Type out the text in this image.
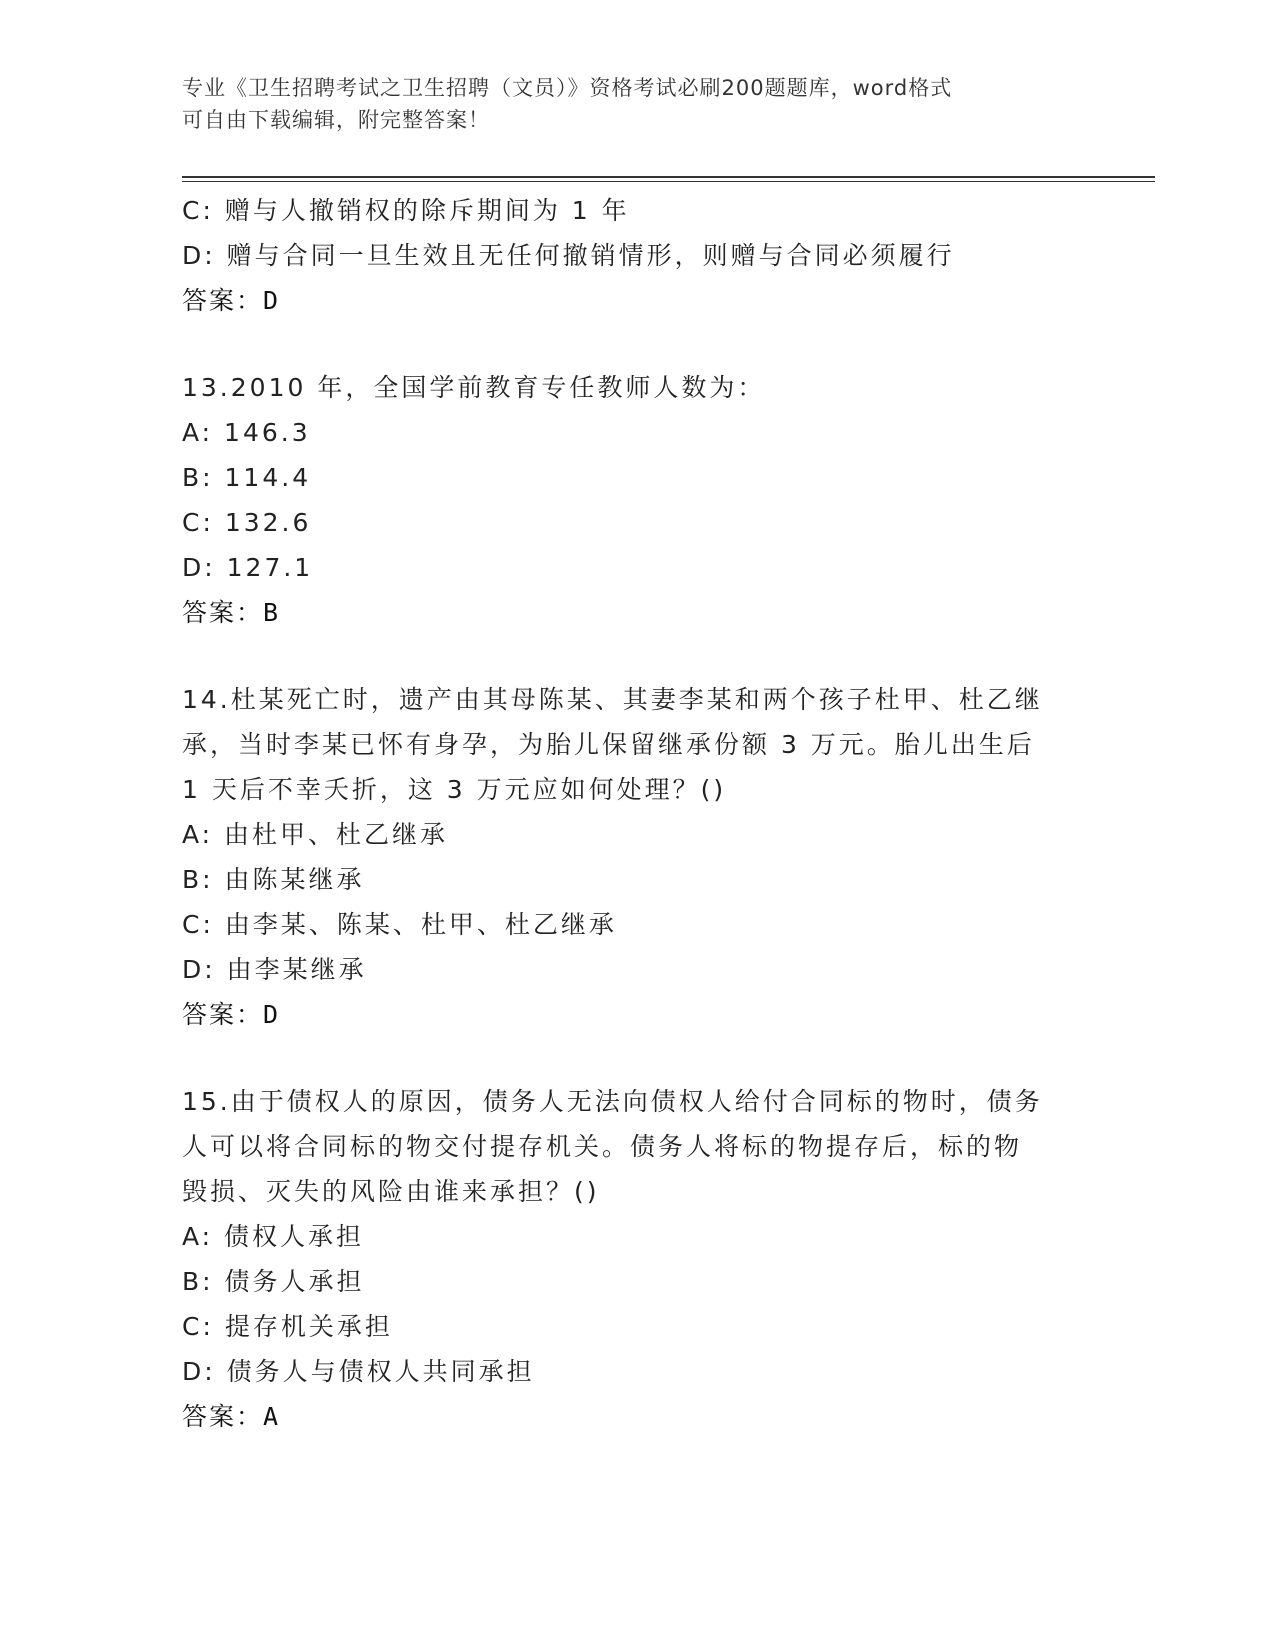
专业《卫生招聘考试之卫生招聘（文员）》资格考试必刷200题题库，word格式
可自由下载编辑，附完整答案！
C: 赠与人撤销权的除斥期间为 1 年
D: 赠与合同一旦生效且无任何撤销情形，则赠与合同必须履行
答案：D
13.2010 年，全国学前教育专任教师人数为：
A: 146.3
B: 114.4
C: 132.6
D: 127.1
答案：B
14.杜某死亡时，遗产由其母陈某、其妻李某和两个孩子杜甲、杜乙继
承，当时李某已怀有身孕，为胎儿保留继承份额 3 万元。胎儿出生后
1 天后不幸夭折，这 3 万元应如何处理？()
A: 由杜甲、杜乙继承
B: 由陈某继承
C: 由李某、陈某、杜甲、杜乙继承
D: 由李某继承
答案：D
15.由于债权人的原因，债务人无法向债权人给付合同标的物时，债务
人可以将合同标的物交付提存机关。债务人将标的物提存后，标的物
毁损、灭失的风险由谁来承担？()
A: 债权人承担
B: 债务人承担
C: 提存机关承担
D: 债务人与债权人共同承担
答案：A
